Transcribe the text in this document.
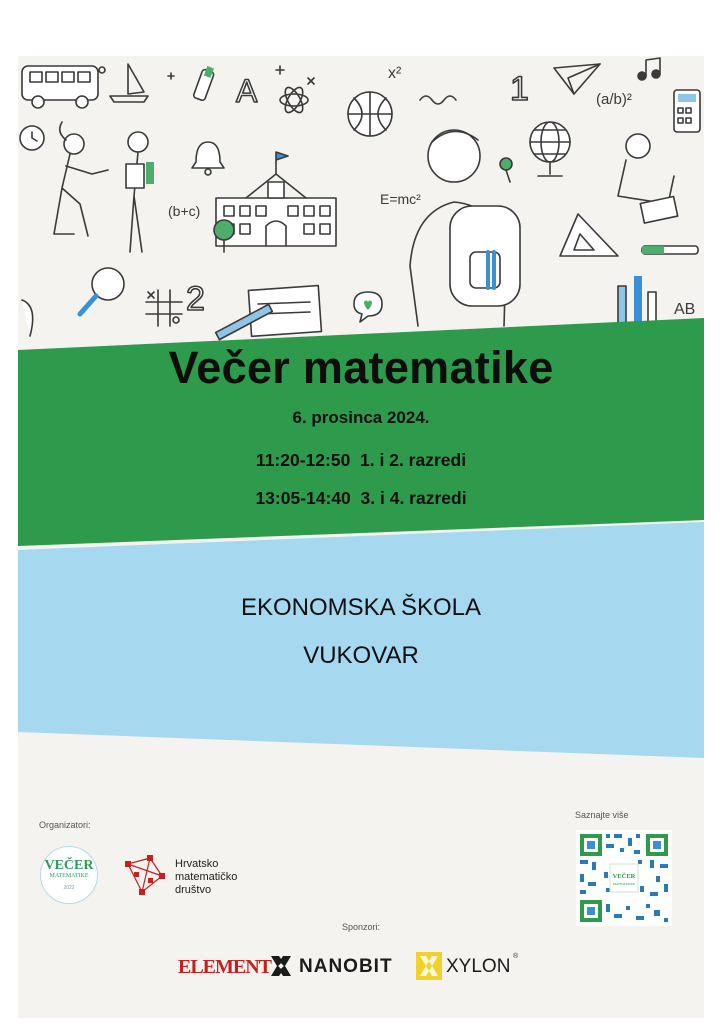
A	x²	1	(a/b)²
(b+c)
E=mc²
2	AB
Večer matematike
6. prosinca 2024.
11:20-12:50 1. i 2. razredi
13:05-14:40 3. i 4. razredi
EKONOMSKA ŠKOLA
VUKOVAR
Organizatori:
Saznajte više
VEČER
MATEMATIKE
2022
Hrvatsko
matematičko
društvo
VEČER
MATEMATIKE
Sponzori:
ELEMENT NANOBIT	XYLON ®
